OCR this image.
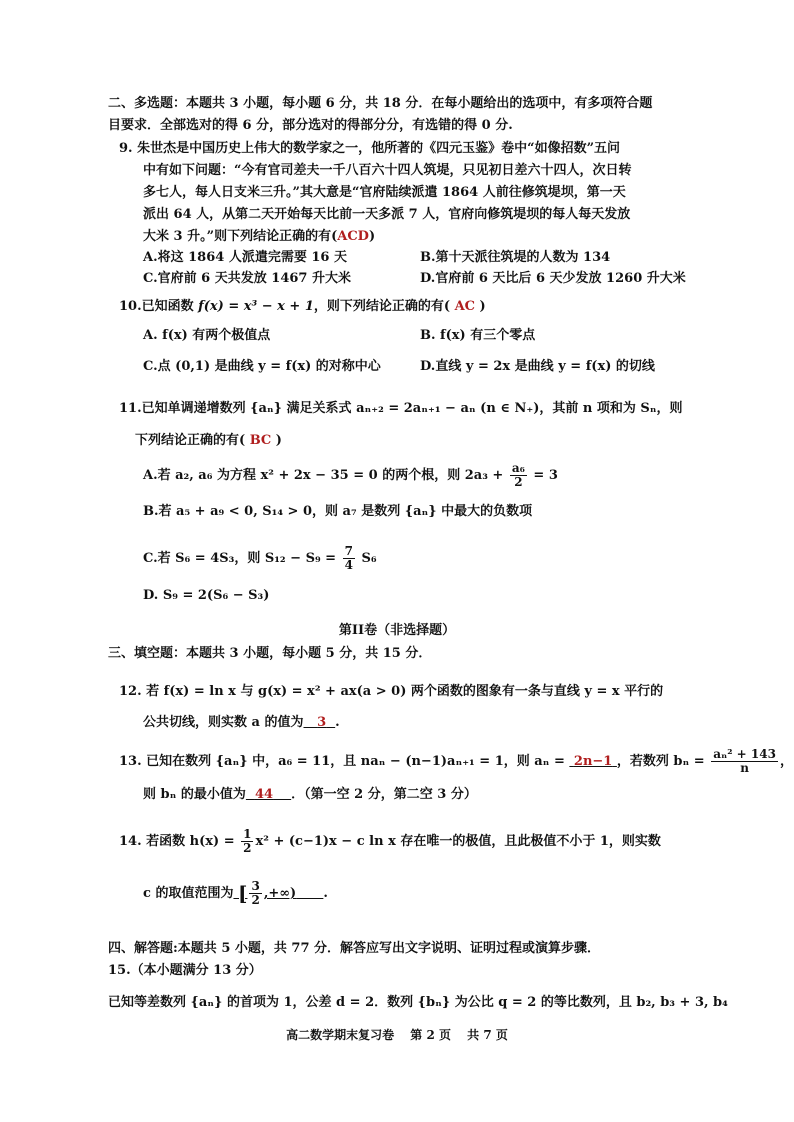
二、多选题：本题共 3 小题，每小题 6 分，共 18 分．在每小题给出的选项中，有多项符合题
目要求．全部选对的得 6 分，部分选对的得部分分，有选错的得 0 分.
9. 朱世杰是中国历史上伟大的数学家之一，他所著的《四元玉鉴》卷中“如像招数”五问
中有如下问题：“今有官司差夫一千八百六十四人筑堤，只见初日差六十四人，次日转
多七人，每人日支米三升。”其大意是“官府陆续派遣 1864 人前往修筑堤坝，第一天
派出 64 人，从第二天开始每天比前一天多派 7 人，官府向修筑堤坝的每人每天发放
大米 3 升。”则下列结论正确的有(ACD)
A.将这 1864 人派遣完需要 16 天	B.第十天派往筑堤的人数为 134
C.官府前 6 天共发放 1467 升大米	D.官府前 6 天比后 6 天少发放 1260 升大米
10.已知函数 f(x) = x³ − x + 1，则下列结论正确的有( AC )
A. f(x) 有两个极值点	B. f(x) 有三个零点
C.点 (0,1) 是曲线 y = f(x) 的对称中心	D.直线 y = 2x 是曲线 y = f(x) 的切线
11.已知单调递增数列 {aₙ} 满足关系式 aₙ₊₂ = 2aₙ₊₁ − aₙ (n ∈ N₊)，其前 n 项和为 Sₙ，则
下列结论正确的有( BC )
A.若 a₂, a₆ 为方程 x² + 2x − 35 = 0 的两个根，则 $2a_3 + \frac{\text{a₆}}{2} = 3$
B.若 a₅ + a₉ < 0, S₁₄ > 0，则 a₇ 是数列 {aₙ} 中最大的负数项
C.若 S₆ = 4S₃，则 $S_{12} - S_9 = \frac{7}{4} S_6$
D. S₉ = 2(S₆ − S₃)
第II卷（非选择题）
三、填空题：本题共 3 小题，每小题 5 分，共 15 分．
12. 若 f(x) = ln x 与 g(x) = x² + ax(a > 0) 两个函数的图象有一条与直线 y = x 平行的
公共切线，则实数 a 的值为 3 .
13. 已知在数列 {aₙ} 中，a₆ = 11，且 naₙ − (n−1)aₙ₊₁ = 1，则 aₙ = 2n−1 ，若数列 $b_n = \frac{\text{aₙ² + 143}}{n}$ ，
则 bₙ 的最小值为 44 ．（第一空 2 分，第二空 3 分）
14. 若函数 $h(x) = \frac{1}{2} x^2 + (c-1)x - c$ ln x 存在唯一的极值，且此极值不小于 1，则实数
c 的取值范围为 [ $\frac{3}{2}$ ,+∞) .
四、解答题:本题共 5 小题，共 77 分．解答应写出文字说明、证明过程或演算步骤．
15.（本小题满分 13 分）
已知等差数列 {aₙ} 的首项为 1，公差 d = 2．数列 {bₙ} 为公比 q = 2 的等比数列，且 b₂, b₃ + 3, b₄
高二数学期末复习卷　 第 2 页　 共 7 页
